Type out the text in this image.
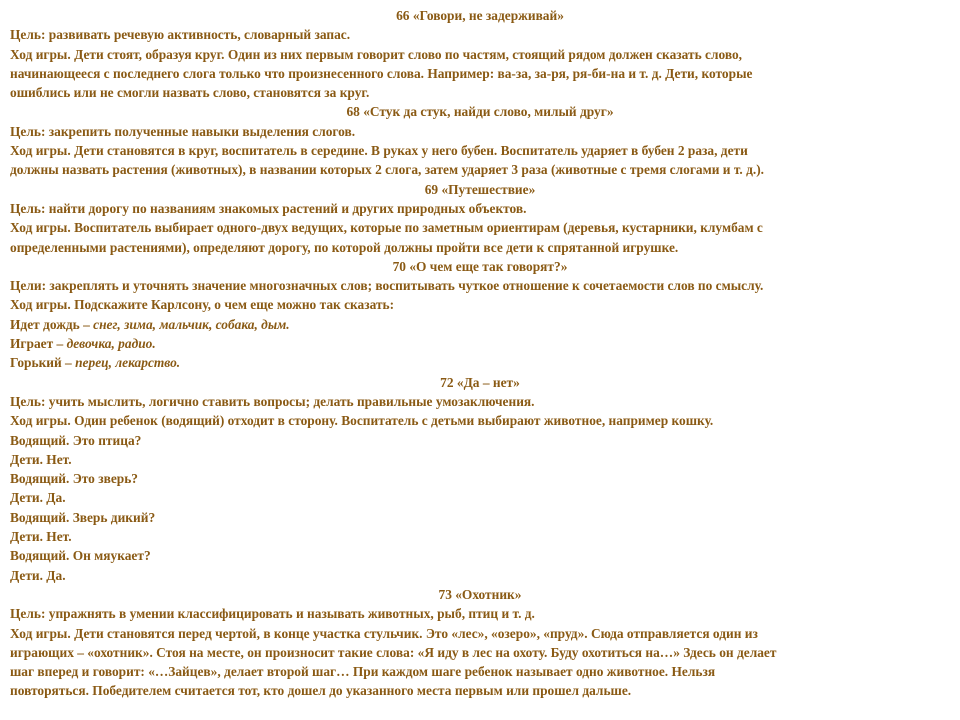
66 «Говори, не задерживай»
Цель: развивать речевую активность, словарный запас.
Ход игры. Дети стоят, образуя круг. Один из них первым говорит слово по частям, стоящий рядом должен сказать слово,
начинающееся с последнего слога только что произнесенного слова. Например: ва-за, за-ря, ря-би-на и т. д. Дети, которые
ошиблись или не смогли назвать слово, становятся за круг.
68 «Стук да стук, найди слово, милый друг»
Цель: закрепить полученные навыки выделения слогов.
Ход игры. Дети становятся в круг, воспитатель в середине. В руках у него бубен. Воспитатель ударяет в бубен 2 раза, дети
должны назвать растения (животных), в названии которых 2 слога, затем ударяет 3 раза (животные с тремя слогами и т. д.).
69 «Путешествие»
Цель: найти дорогу по названиям знакомых растений и других природных объектов.
Ход игры. Воспитатель выбирает одного-двух ведущих, которые по заметным ориентирам (деревья, кустарники, клумбам с
определенными растениями), определяют дорогу, по которой должны пройти все дети к спрятанной игрушке.
70 «О чем еще так говорят?»
Цели: закреплять и уточнять значение многозначных слов; воспитывать чуткое отношение к сочетаемости слов по смыслу.
Ход игры. Подскажите Карлсону, о чем еще можно так сказать:
Идет дождь – снег, зима, мальчик, собака, дым.
Играет – девочка, радио.
Горький – перец, лекарство.
72 «Да – нет»
Цель: учить мыслить, логично ставить вопросы; делать правильные умозаключения.
Ход игры. Один ребенок (водящий) отходит в сторону. Воспитатель с детьми выбирают животное, например кошку.
Водящий. Это птица?
Дети. Нет.
Водящий. Это зверь?
Дети. Да.
Водящий. Зверь дикий?
Дети. Нет.
Водящий. Он мяукает?
Дети. Да.
73 «Охотник»
Цель: упражнять в умении классифицировать и называть животных, рыб, птиц и т. д.
Ход игры. Дети становятся перед чертой, в конце участка стульчик. Это «лес», «озеро», «пруд». Сюда отправляется один из
играющих – «охотник». Стоя на месте, он произносит такие слова: «Я иду в лес на охоту. Буду охотиться на…» Здесь он делает
шаг вперед и говорит: «…Зайцев», делает второй шаг… При каждом шаге ребенок называет одно животное. Нельзя
повторяться. Победителем считается тот, кто дошел до указанного места первым или прошел дальше.
